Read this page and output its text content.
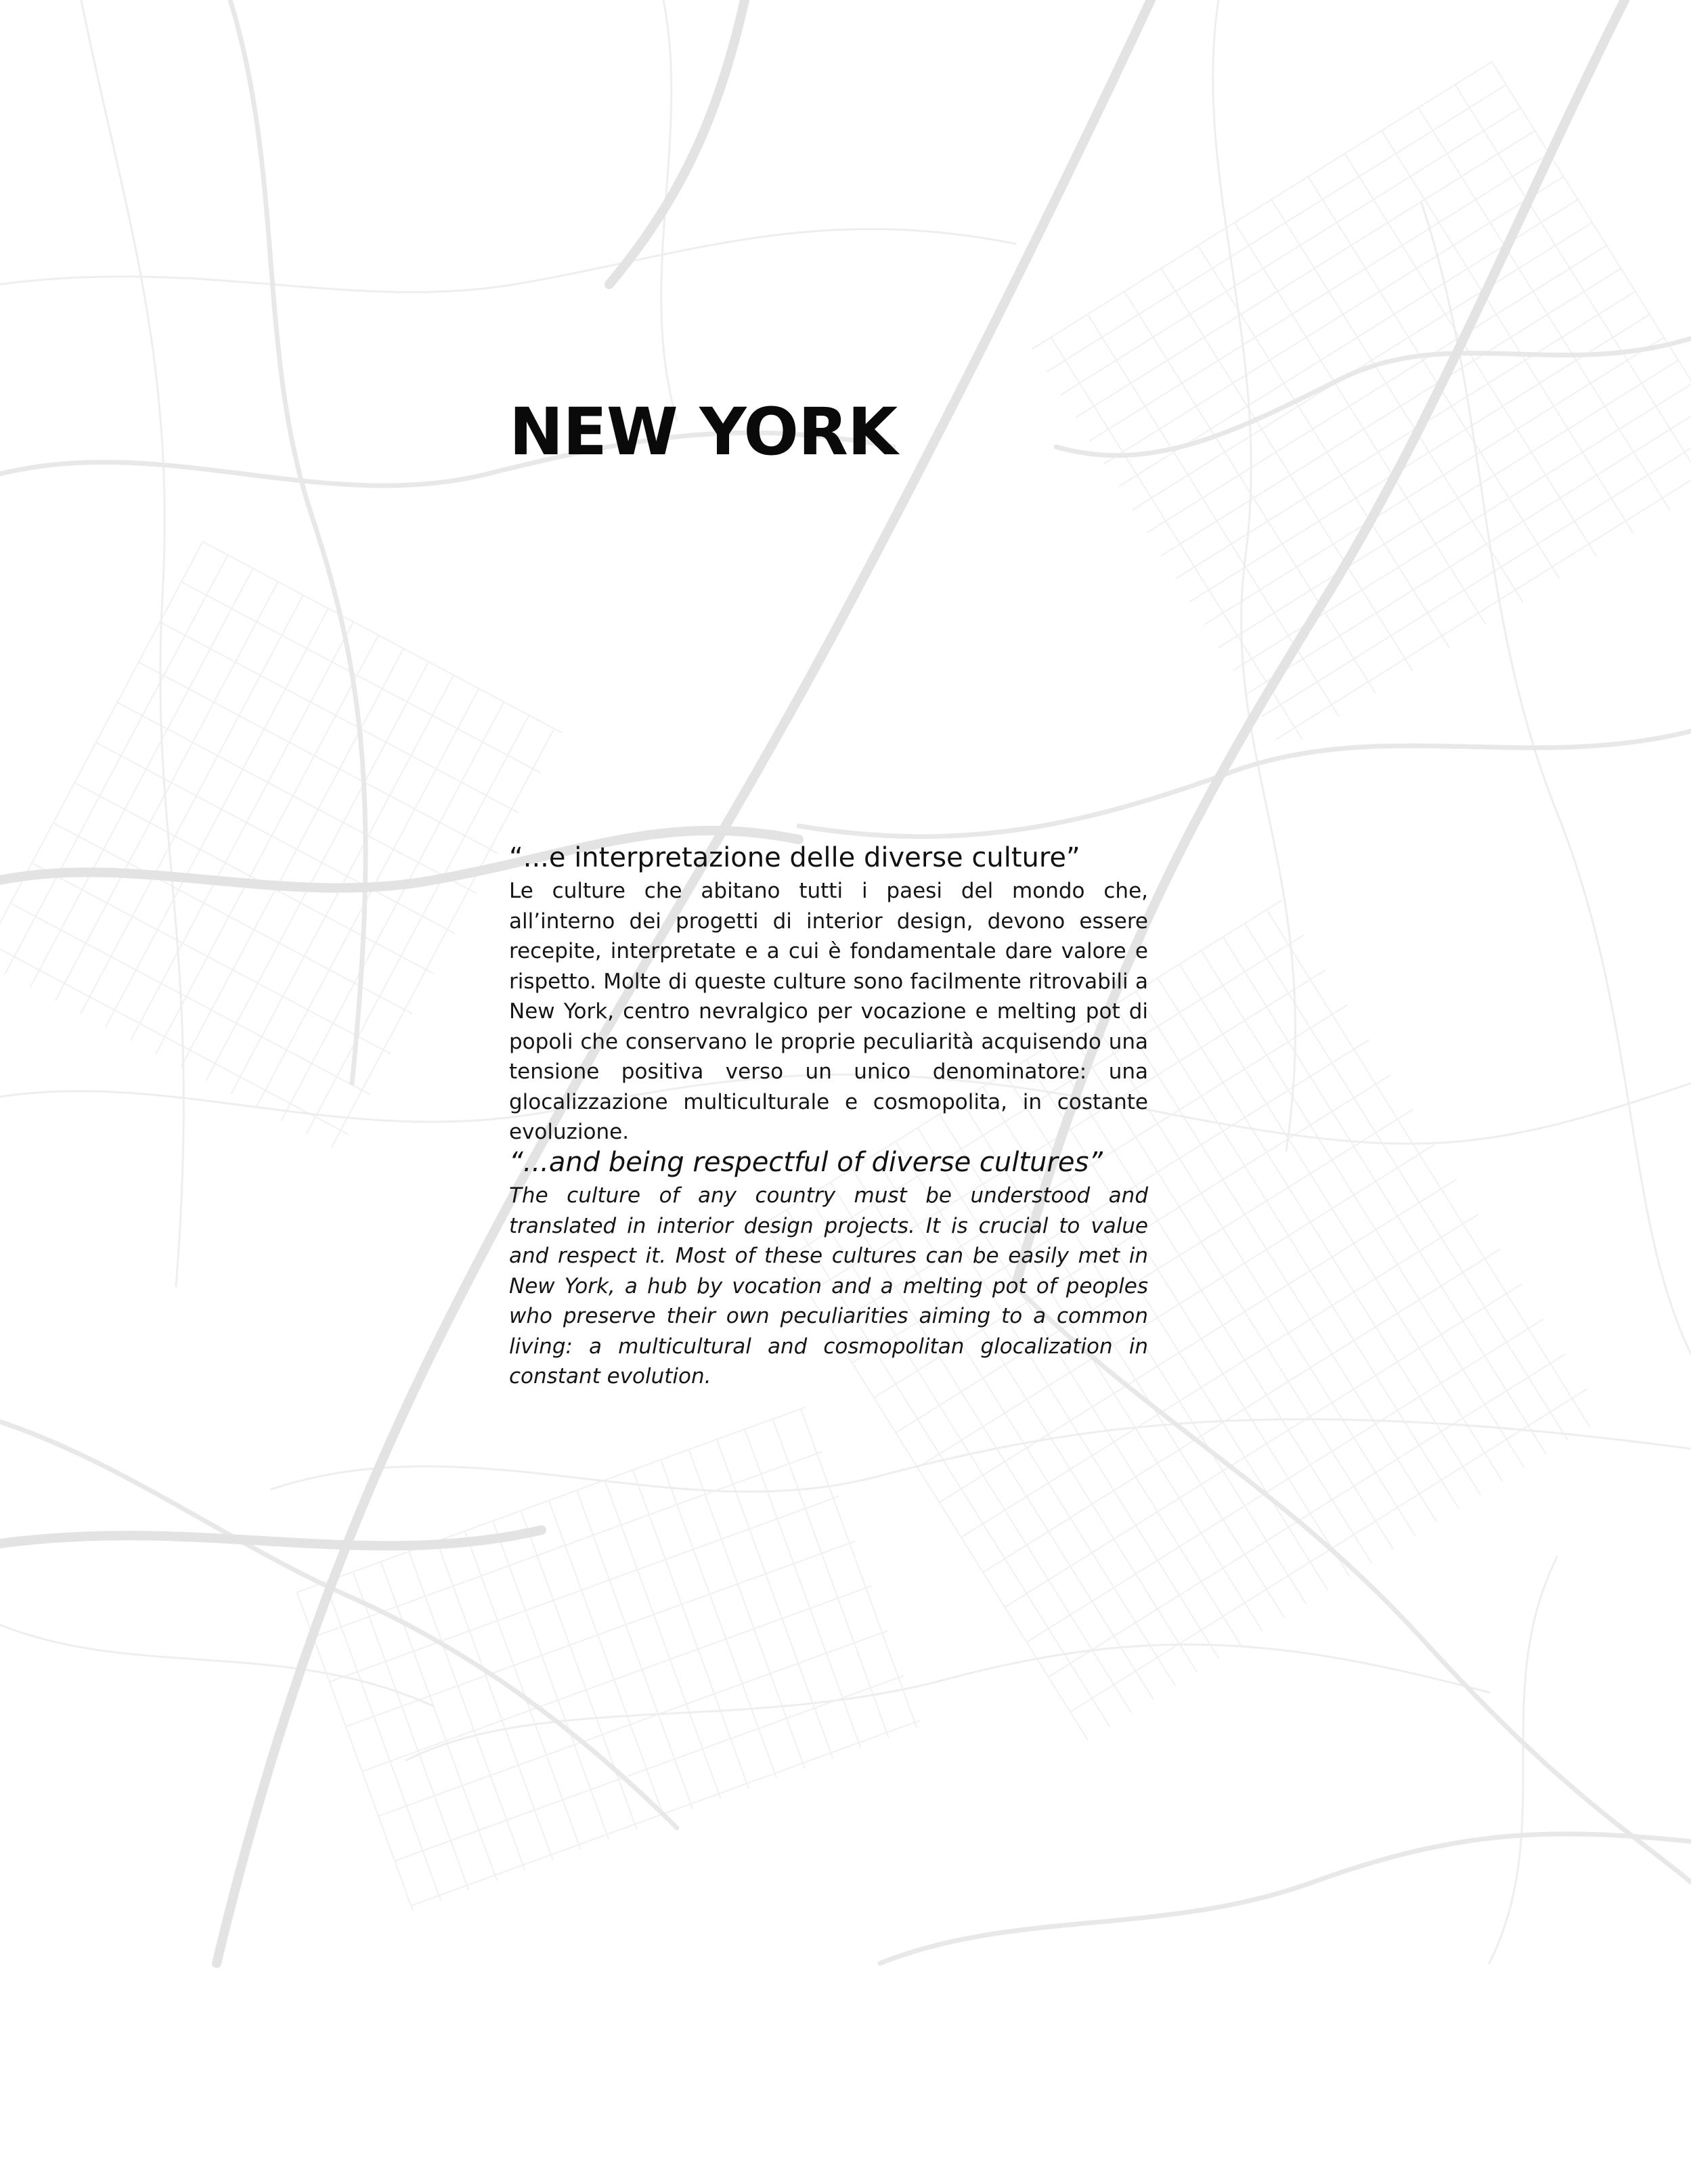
NEW YORK
“...e interpretazione delle diverse culture”

Le culture che abitano tutti i paesi del mondo che, all’interno dei progetti di interior design, devono essere recepite, interpretate e a cui è fondamentale dare valore e rispetto. Molte di queste culture sono facilmente ritrovabili a New York, centro nevralgico per vocazione e melting pot di popoli che conservano le proprie peculiarità acquisendo una tensione positiva verso un unico denominatore: una glocalizzazione multiculturale e cosmopolita, in costante evoluzione.

“...and being respectful of diverse cultures”

The culture of any country must be understood and translated in interior design projects. It is crucial to value and respect it. Most of these cultures can be easily met in New York, a hub by vocation and a melting pot of peoples who preserve their own peculiarities aiming to a common living: a multicultural and cosmopolitan glocalization in constant evolution.
